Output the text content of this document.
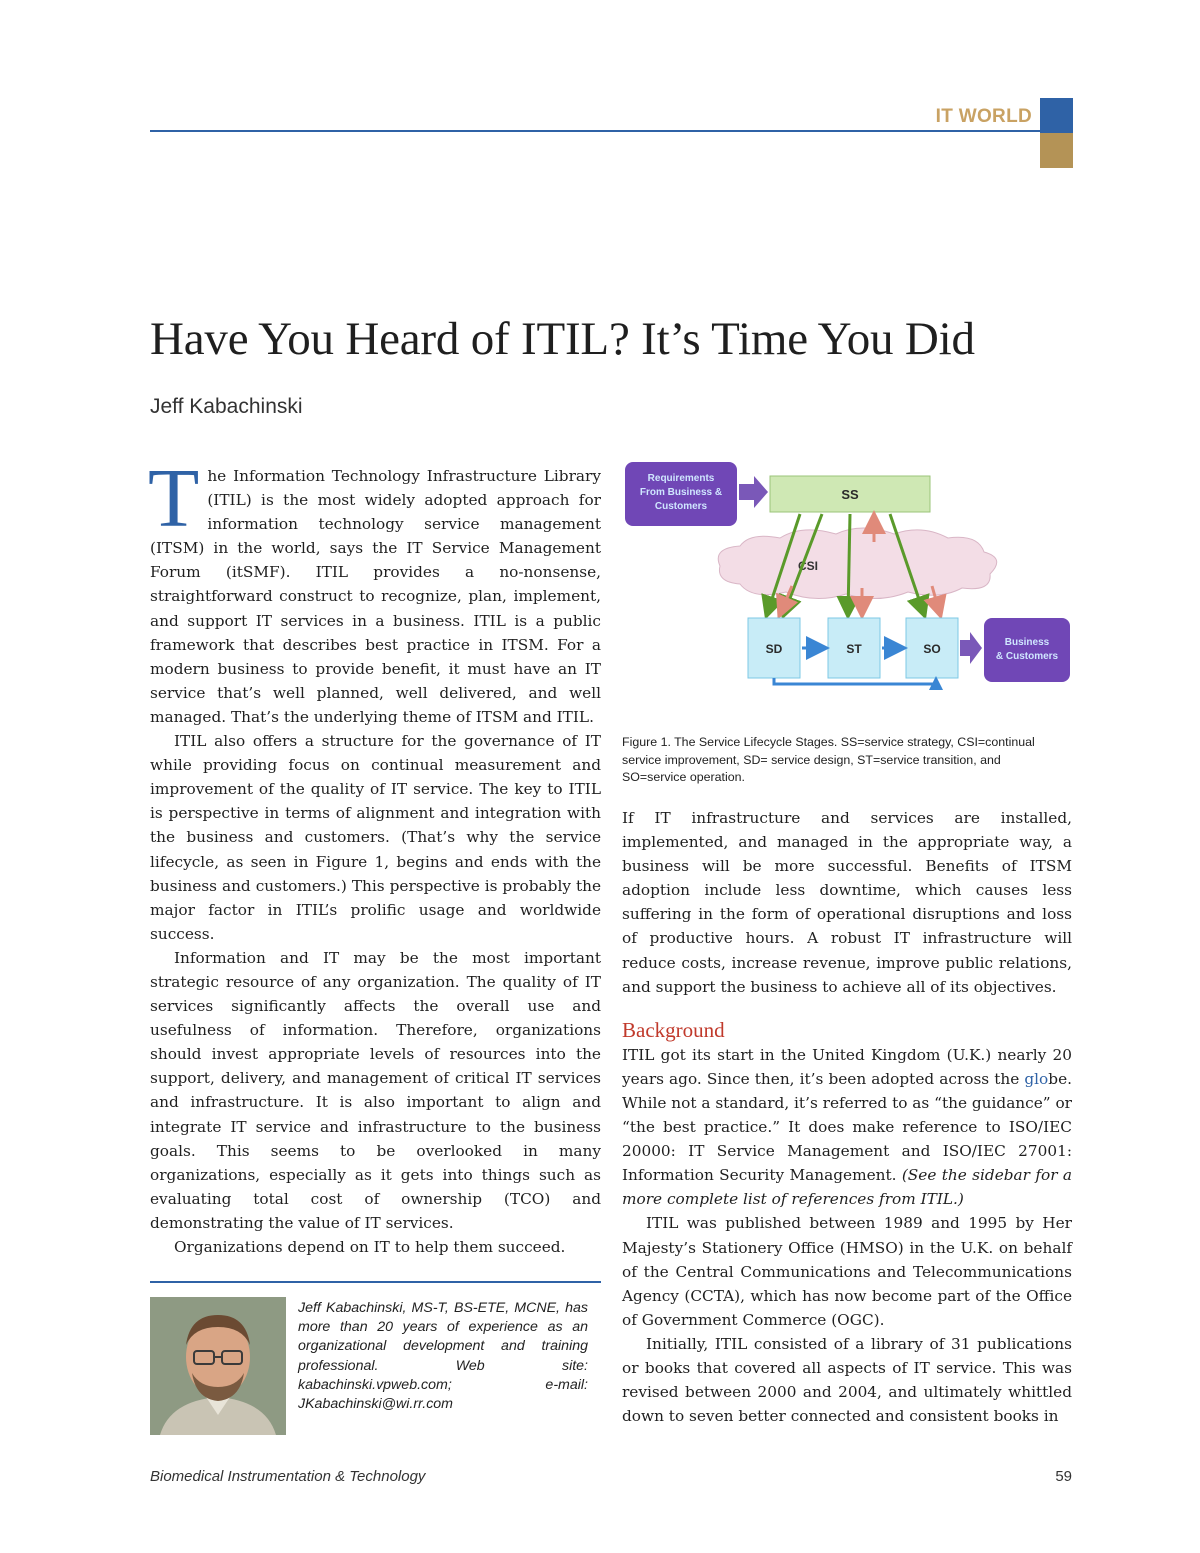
IT WORLD
Have You Heard of ITIL? It’s Time You Did
Jeff Kabachinski

The Information Technology Infrastructure Library (ITIL) is the most widely adopted approach for information technology service management (ITSM) in the world, says the IT Service Management Forum (itSMF). ITIL provides a no-nonsense, straightforward construct to recognize, plan, implement, and support IT services in a business. ITIL is a public framework that describes best practice in ITSM. For a modern business to provide benefit, it must have an IT service that’s well planned, well delivered, and well managed. That’s the underlying theme of ITSM and ITIL.

ITIL also offers a structure for the governance of IT while providing focus on continual measurement and improvement of the quality of IT service. The key to ITIL is perspective in terms of alignment and integration with the business and customers. (That’s why the service lifecycle, as seen in Figure 1, begins and ends with the business and customers.) This perspective is probably the major factor in ITIL’s prolific usage and worldwide success.

Information and IT may be the most important strategic resource of any organization. The quality of IT services significantly affects the overall use and usefulness of information. Therefore, organizations should invest appropriate levels of resources into the support, delivery, and management of critical IT services and infrastructure. It is also important to align and integrate IT service and infrastructure to the business goals. This seems to be overlooked in many organizations, especially as it gets into things such as evaluating total cost of ownership (TCO) and demonstrating the value of IT services.

Organizations depend on IT to help them succeed.

Jeff Kabachinski, MS-T, BS-ETE, MCNE, has more than 20 years of experience as an organizational development and training professional. Web site: kabachinski.vpweb.com; e-mail: JKabachinski@wi.rr.com
Requirements
From Business &
Customers
SS
CSI
SD	ST	SO	Business
& Customers
Figure 1. The Service Lifecycle Stages. SS=service strategy, CSI=continual service improvement, SD= service design, ST=service transition, and SO=service operation.

If IT infrastructure and services are installed, implemented, and managed in the appropriate way, a business will be more successful. Benefits of ITSM adoption include less downtime, which causes less suffering in the form of operational disruptions and loss of productive hours. A robust IT infrastructure will reduce costs, increase revenue, improve public relations, and support the business to achieve all of its objectives.

Background

ITIL got its start in the United Kingdom (U.K.) nearly 20 years ago. Since then, it’s been adopted across the globe. While not a standard, it’s referred to as “the guidance” or “the best practice.” It does make reference to ISO/IEC 20000: IT Service Management and ISO/IEC 27001: Information Security Management. (See the sidebar for a more complete list of references from ITIL.)

ITIL was published between 1989 and 1995 by Her Majesty’s Stationery Office (HMSO) in the U.K. on behalf of the Central Communications and Telecommunications Agency (CCTA), which has now become part of the Office of Government Commerce (OGC).

Initially, ITIL consisted of a library of 31 publications or books that covered all aspects of IT service. This was revised between 2000 and 2004, and ultimately whittled down to seven better connected and consistent books in

Biomedical Instrumentation & Technology	59
